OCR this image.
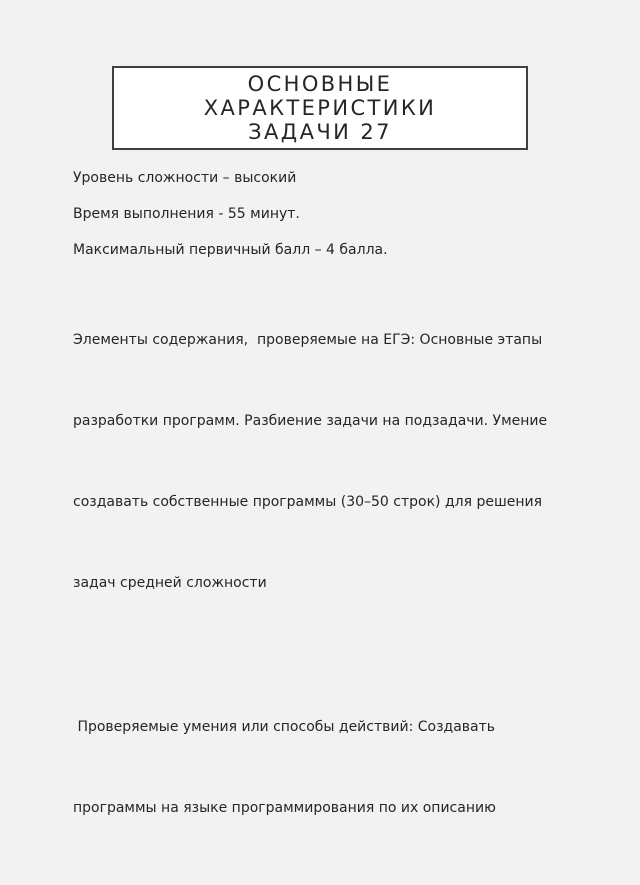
ОСНОВНЫЕ
ХАРАКТЕРИСТИКИ
ЗАДАЧИ 27

Уровень сложности – высокий

Время выполнения - 55 минут.

Максимальный первичный балл – 4 балла.

Элементы содержания,  проверяемые на ЕГЭ: Основные этапы

разработки программ. Разбиение задачи на подзадачи. Умение

создавать собственные программы (30–50 строк) для решения

задач средней сложности

Проверяемые умения или способы действий: Создавать

программы на языке программирования по их описанию
